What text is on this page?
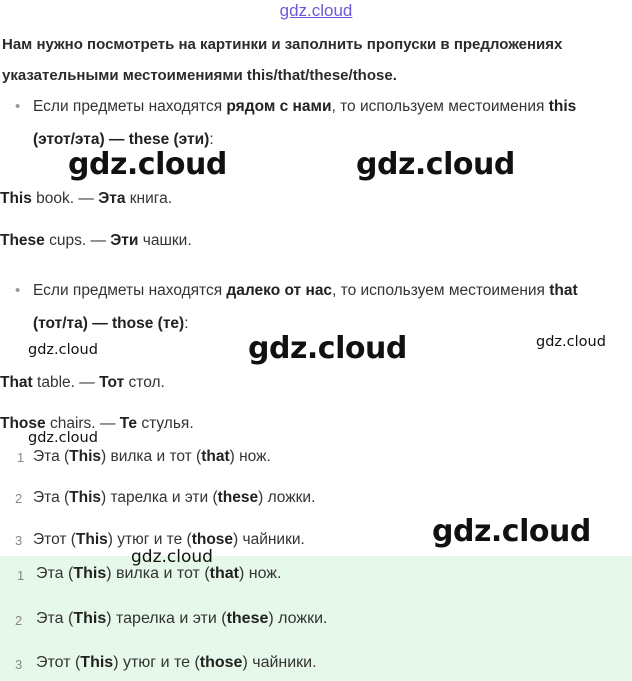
gdz.cloud
Нам нужно посмотреть на картинки и заполнить пропуски в предложениях
указательными местоимениями this/that/these/those.
• Если предметы находятся рядом с нами, то используем местоимения this
(этот/эта) — these (эти):
gdz.cloud	gdz.cloud
This book. — Эта книга.
These cups. — Эти чашки.
• Если предметы находятся далеко от нас, то используем местоимения that
(тот/та) — those (те):
gdz.cloud	gdz.cloud	gdz.cloud
That table. — Тот стол.
Those chairs. — Те стулья.
gdz.cloud
1 Эта (This) вилка и тот (that) нож.
2 Эта (This) тарелка и эти (these) ложки.
3 Этот (This) утюг и те (those) чайники.	gdz.cloud
gdz.cloud
1 Эта (This) вилка и тот (that) нож.
2 Эта (This) тарелка и эти (these) ложки.
3 Этот (This) утюг и те (those) чайники.
